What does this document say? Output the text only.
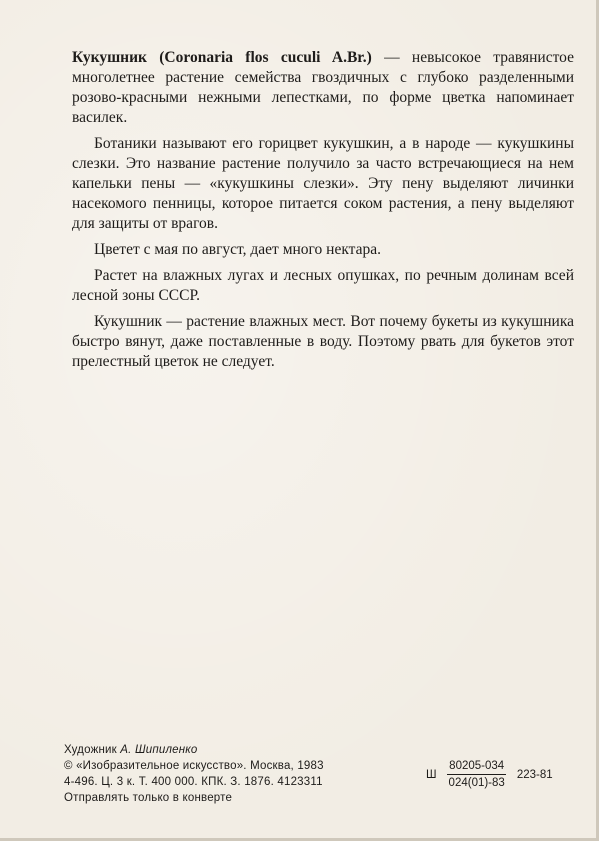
Кукушник (Coronaria flos cuculi A.Br.) — невысокое травянистое многолетнее растение семейства гвоздичных с глубоко разделенными розово-красными нежными лепестками, по форме цветка напоминает василек.

Ботаники называют его горицвет кукушкин, а в народе — кукушкины слезки. Это название растение получило за часто встречающиеся на нем капельки пены — «кукушкины слезки». Эту пену выделяют личинки насекомого пенницы, которое питается соком растения, а пену выделяют для защиты от врагов.

Цветет с мая по август, дает много нектара.

Растет на влажных лугах и лесных опушках, по речным долинам всей лесной зоны СССР.

Кукушник — растение влажных мест. Вот почему букеты из кукушника быстро вянут, даже поставленные в воду. Поэтому рвать для букетов этот прелестный цветок не следует.

Художник А. Шипиленко
© «Изобразительное искусство». Москва, 1983
4-496. Ц. 3 к. Т. 400 000. КПК. З. 1876. 4123311
Отправлять только в конверте
Ш $\frac{80205-034}{024(01)-83} 223-81$
